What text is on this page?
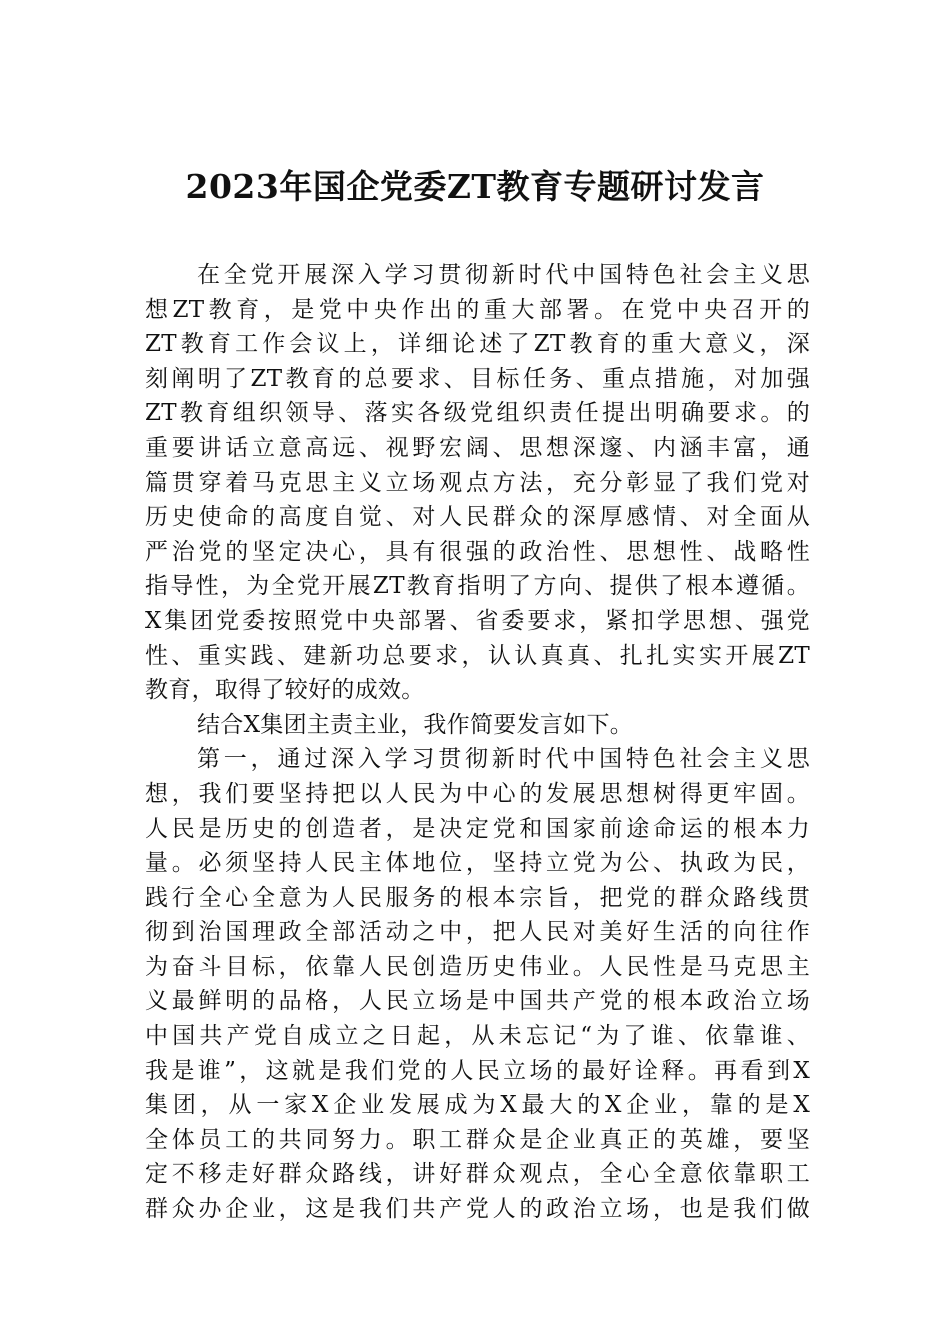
2023年国企党委ZT教育专题研讨发言
在全党开展深入学习贯彻新时代中国特色社会主义思
想ZT教育，是党中央作出的重大部署。在党中央召开的
ZT教育工作会议上，详细论述了ZT教育的重大意义，深
刻阐明了ZT教育的总要求、目标任务、重点措施，对加强
ZT教育组织领导、落实各级党组织责任提出明确要求。的
重要讲话立意高远、视野宏阔、思想深邃、内涵丰富，通
篇贯穿着马克思主义立场观点方法，充分彰显了我们党对
历史使命的高度自觉、对人民群众的深厚感情、对全面从
严治党的坚定决心，具有很强的政治性、思想性、战略性
指导性，为全党开展ZT教育指明了方向、提供了根本遵循。
X集团党委按照党中央部署、省委要求，紧扣学思想、强党
性、重实践、建新功总要求，认认真真、扎扎实实开展ZT
教育，取得了较好的成效。
结合X集团主责主业，我作简要发言如下。
第一，通过深入学习贯彻新时代中国特色社会主义思
想，我们要坚持把以人民为中心的发展思想树得更牢固。
人民是历史的创造者，是决定党和国家前途命运的根本力
量。必须坚持人民主体地位，坚持立党为公、执政为民，
践行全心全意为人民服务的根本宗旨，把党的群众路线贯
彻到治国理政全部活动之中，把人民对美好生活的向往作
为奋斗目标，依靠人民创造历史伟业。人民性是马克思主
义最鲜明的品格，人民立场是中国共产党的根本政治立场
中国共产党自成立之日起，从未忘记“为了谁、依靠谁、
我是谁”，这就是我们党的人民立场的最好诠释。再看到X
集团，从一家X企业发展成为X最大的X企业，靠的是X
全体员工的共同努力。职工群众是企业真正的英雄，要坚
定不移走好群众路线，讲好群众观点，全心全意依靠职工
群众办企业，这是我们共产党人的政治立场，也是我们做
